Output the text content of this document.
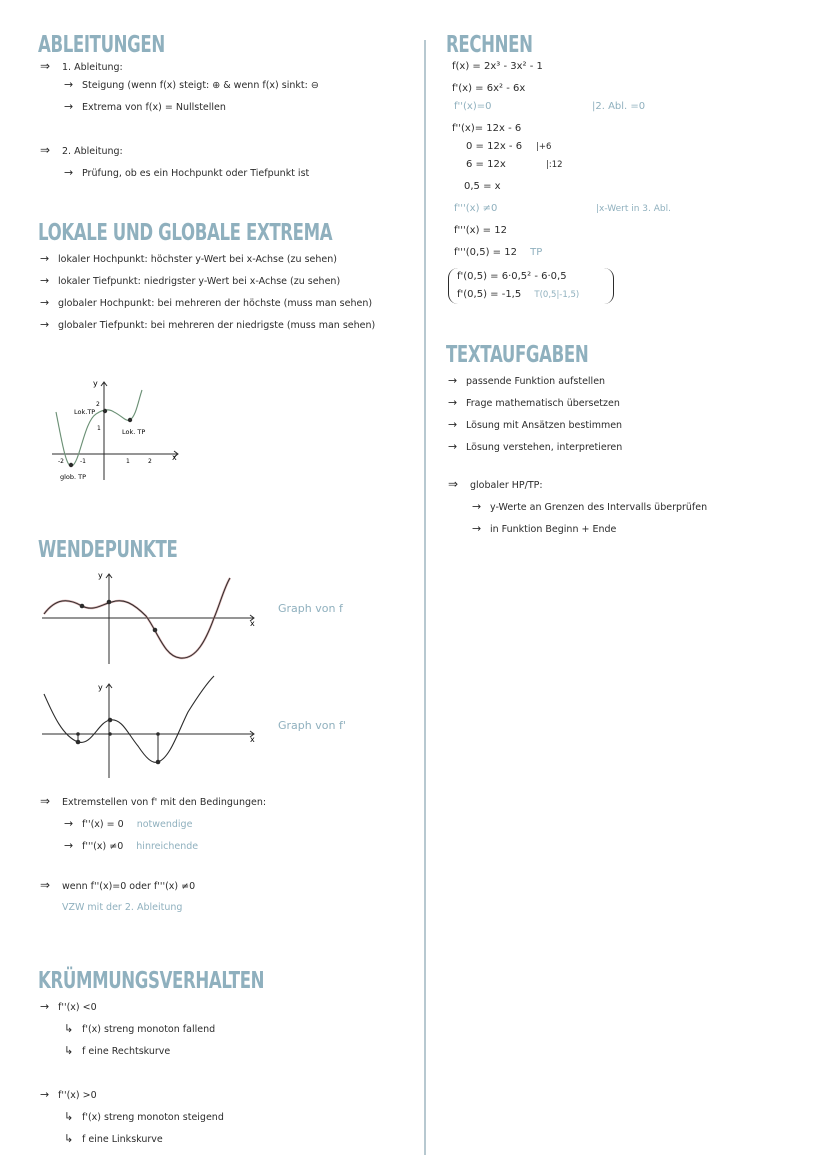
ABLEITUNGEN
⇒ 1. Ableitung:
→ Steigung (wenn f(x) steigt: ⊕ & wenn f(x) sinkt: ⊖
→ Extrema von f(x) = Nullstellen
⇒ 2. Ableitung:
→ Prüfung, ob es ein Hochpunkt oder Tiefpunkt ist
LOKALE UND GLOBALE EXTREMA
→ lokaler Hochpunkt: höchster y-Wert bei x-Achse (zu sehen)
→ lokaler Tiefpunkt: niedrigster y-Wert bei x-Achse (zu sehen)
→ globaler Hochpunkt: bei mehreren der höchste (muss man sehen)
→ globaler Tiefpunkt: bei mehreren der niedrigste (muss man sehen)
y
x
Lok.TP
Lok. TP
glob. TP
-2	-1	1	2
2
1
WENDEPUNKTE
y
x
Graph von f
y
x
Graph von f'
⇒ Extremstellen von f' mit den Bedingungen:
→ f''(x) = 0 notwendige
→ f'''(x) ≠0 hinreichende
⇒ wenn f''(x)=0 oder f'''(x) ≠0
VZW mit der 2. Ableitung
KRÜMMUNGSVERHALTEN
→ f''(x) <0
↳ f'(x) streng monoton fallend
↳ f eine Rechtskurve
→ f''(x) >0
↳ f'(x) streng monoton steigend
↳ f eine Linkskurve
RECHNEN
f(x) = 2x³ - 3x² - 1
f'(x) = 6x² - 6x
f''(x)=0	|2. Abl. =0
f''(x)= 12x - 6
0 = 12x - 6 |+6
6 = 12x	|:12
0,5 = x
f'''(x) ≠0	|x-Wert in 3. Abl.
f'''(x) = 12
f'''(0,5) = 12 TP
f'(0,5) = 6·0,5² - 6·0,5
f'(0,5) = -1,5 T(0,5|-1,5)
TEXTAUFGABEN
→ passende Funktion aufstellen
→ Frage mathematisch übersetzen
→ Lösung mit Ansätzen bestimmen
→ Lösung verstehen, interpretieren
⇒ globaler HP/TP:
→ y-Werte an Grenzen des Intervalls überprüfen
→ in Funktion Beginn + Ende
